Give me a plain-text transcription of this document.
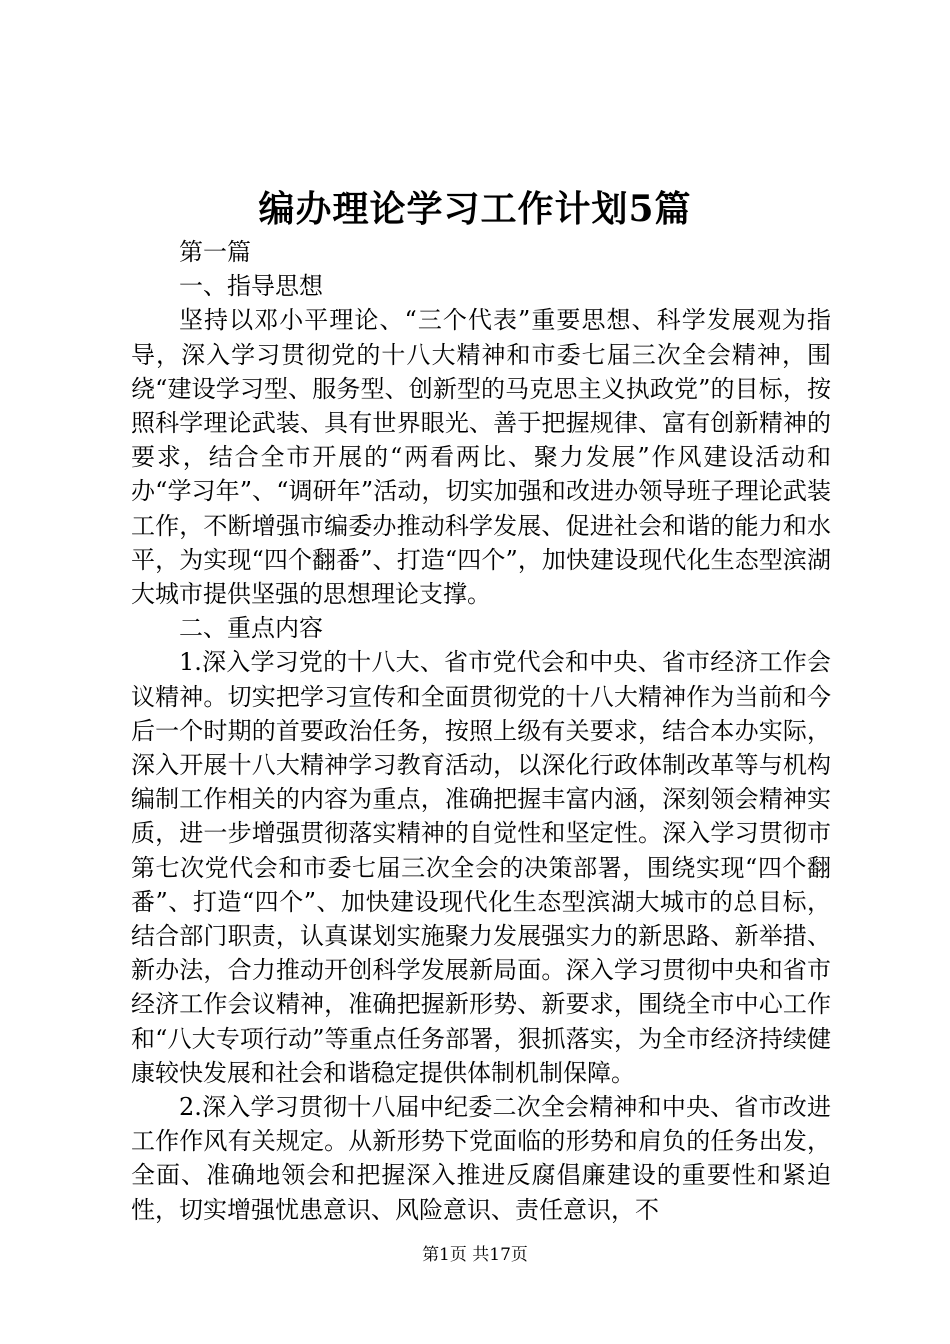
编办理论学习工作计划5篇

第一篇

一、指导思想

坚持以邓小平理论、“三个代表”重要思想、科学发展观为指导，深入学习贯彻党的十八大精神和市委七届三次全会精神，围绕“建设学习型、服务型、创新型的马克思主义执政党”的目标，按照科学理论武装、具有世界眼光、善于把握规律、富有创新精神的要求，结合全市开展的“两看两比、聚力发展”作风建设活动和办“学习年”、“调研年”活动，切实加强和改进办领导班子理论武装工作，不断增强市编委办推动科学发展、促进社会和谐的能力和水平，为实现“四个翻番”、打造“四个”，加快建设现代化生态型滨湖大城市提供坚强的思想理论支撑。

二、重点内容

1.深入学习党的十八大、省市党代会和中央、省市经济工作会议精神。切实把学习宣传和全面贯彻党的十八大精神作为当前和今后一个时期的首要政治任务，按照上级有关要求，结合本办实际，深入开展十八大精神学习教育活动，以深化行政体制改革等与机构编制工作相关的内容为重点，准确把握丰富内涵，深刻领会精神实质，进一步增强贯彻落实精神的自觉性和坚定性。深入学习贯彻市第七次党代会和市委七届三次全会的决策部署，围绕实现“四个翻番”、打造“四个”、加快建设现代化生态型滨湖大城市的总目标，结合部门职责，认真谋划实施聚力发展强实力的新思路、新举措、新办法，合力推动开创科学发展新局面。深入学习贯彻中央和省市经济工作会议精神，准确把握新形势、新要求，围绕全市中心工作和“八大专项行动”等重点任务部署，狠抓落实，为全市经济持续健康较快发展和社会和谐稳定提供体制机制保障。

2.深入学习贯彻十八届中纪委二次全会精神和中央、省市改进工作作风有关规定。从新形势下党面临的形势和肩负的任务出发，全面、准确地领会和把握深入推进反腐倡廉建设的重要性和紧迫性，切实增强忧患意识、风险意识、责任意识，不

第1页 共17页
